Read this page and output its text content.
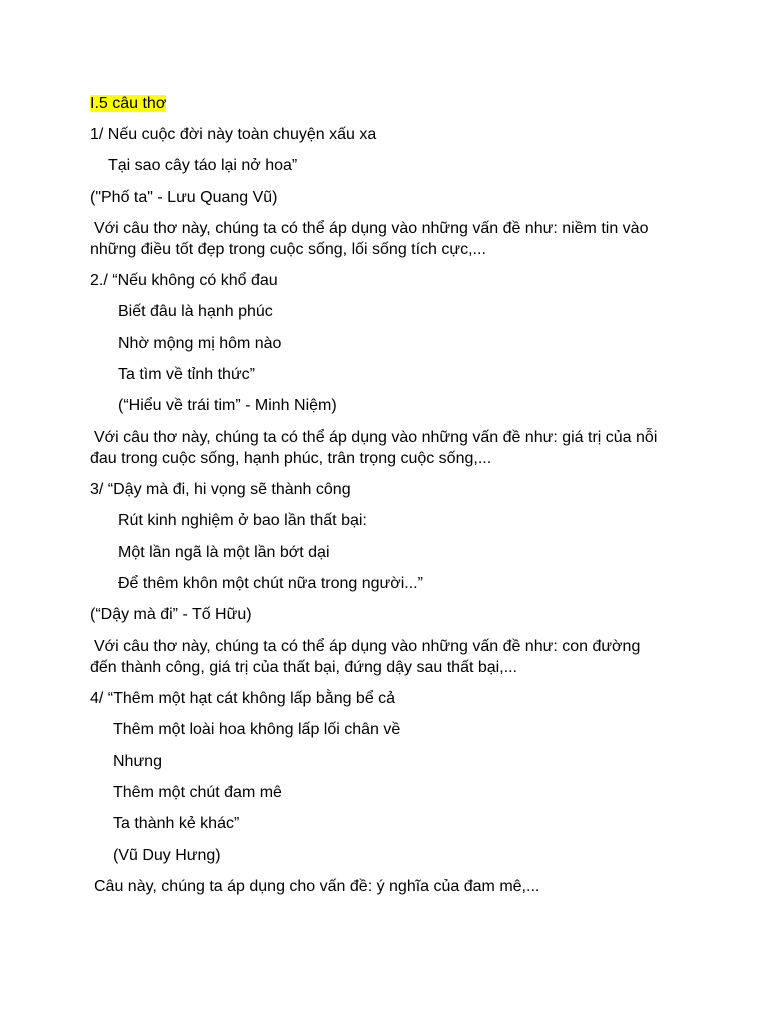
I.5 câu thơ
1/ Nếu cuộc đời này toàn chuyện xấu xa
Tại sao cây táo lại nở hoa”
("Phố ta" - Lưu Quang Vũ)
Với câu thơ này, chúng ta có thể áp dụng vào những vấn đề như: niềm tin vào
những điều tốt đẹp trong cuộc sống, lối sống tích cực,...
2./ “Nếu không có khổ đau
Biết đâu là hạnh phúc
Nhờ mộng mị hôm nào
Ta tìm về tỉnh thức”
(“Hiểu về trái tim” - Minh Niệm)
Với câu thơ này, chúng ta có thể áp dụng vào những vấn đề như: giá trị của nỗi
đau trong cuộc sống, hạnh phúc, trân trọng cuộc sống,...
3/ “Dậy mà đi, hi vọng sẽ thành công
Rút kinh nghiệm ở bao lần thất bại:
Một lần ngã là một lần bớt dại
Để thêm khôn một chút nữa trong người...”
(“Dậy mà đi” - Tố Hữu)
Với câu thơ này, chúng ta có thể áp dụng vào những vấn đề như: con đường
đến thành công, giá trị của thất bại, đứng dậy sau thất bại,...
4/ “Thêm một hạt cát không lấp bằng bể cả
Thêm một loài hoa không lấp lối chân về
Nhưng
Thêm một chút đam mê
Ta thành kẻ khác”
(Vũ Duy Hưng)
Câu này, chúng ta áp dụng cho vấn đề: ý nghĩa của đam mê,...
